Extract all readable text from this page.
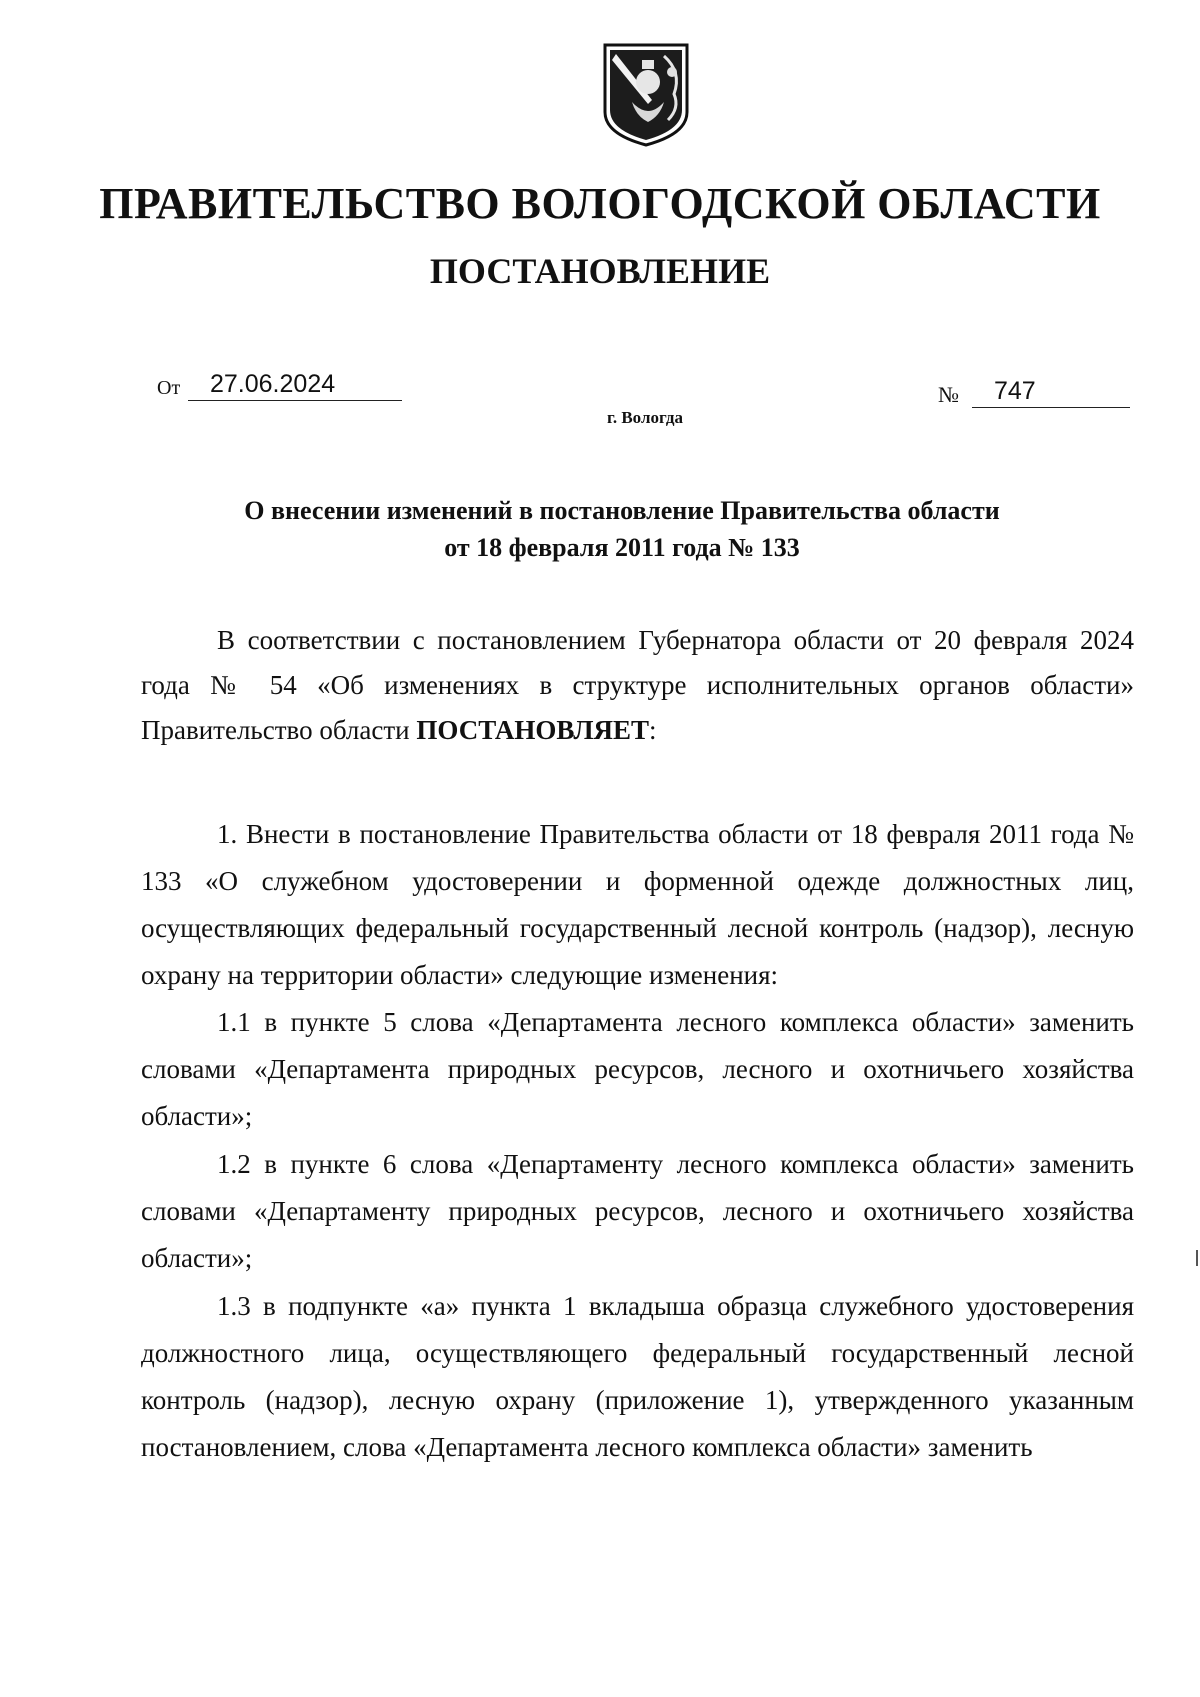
ПРАВИТЕЛЬСТВО ВОЛОГОДСКОЙ ОБЛАСТИ
ПОСТАНОВЛЕНИЕ
От	27.06.2024	№	747
г. Вологда
О внесении изменений в постановление Правительства области
от 18 февраля 2011 года № 133

В соответствии с постановлением Губернатора области от 20 февраля 2024 года № 54 «Об изменениях в структуре исполнительных органов области» Правительство области ПОСТАНОВЛЯЕТ:

1. Внести в постановление Правительства области от 18 февраля 2011 года № 133 «О служебном удостоверении и форменной одежде должностных лиц, осуществляющих федеральный государственный лесной контроль (надзор), лесную охрану на территории области» следующие изменения:

1.1 в пункте 5 слова «Департамента лесного комплекса области» заменить словами «Департамента природных ресурсов, лесного и охотничьего хозяйства области»;

1.2 в пункте 6 слова «Департаменту лесного комплекса области» заменить словами «Департаменту природных ресурсов, лесного и охотничьего хозяйства области»;

1.3 в подпункте «а» пункта 1 вкладыша образца служебного удостоверения должностного лица, осуществляющего федеральный государственный лесной контроль (надзор), лесную охрану (приложение 1), утвержденного указанным постановлением, слова «Департамента лесного комплекса области» заменить
